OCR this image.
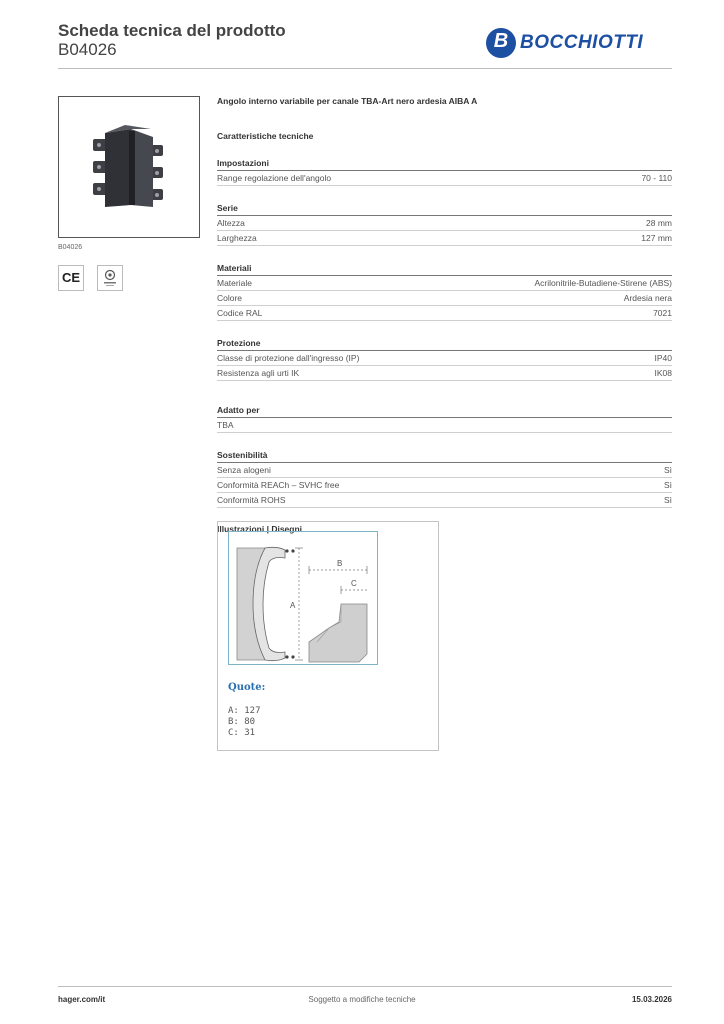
Scheda tecnica del prodotto
B04026
B	BOCCHIOTTI
B04026
CE
Angolo interno variabile per canale TBA-Art nero ardesia AIBA A
Caratteristiche tecniche
Impostazioni
Range regolazione dell'angolo	70 - 110
Serie
Altezza	28 mm
Larghezza	127 mm
Materiali
Materiale	Acrilonitrile-Butadiene-Stirene (ABS)
Colore	Ardesia nera
Codice RAL	7021
Protezione
Classe di protezione dall'ingresso (IP)	IP40
Resistenza agli urti IK	IK08
Adatto per
TBA
Sostenibilità
Senza alogeni	Sì
Conformità REACh – SVHC free	Sì
Conformità ROHS	Sì
Illustrazioni | Disegni
A
B
C
Quote:
A: 127
B: 80
C: 31
hager.com/it	Soggetto a modifiche tecniche	15.03.2026
